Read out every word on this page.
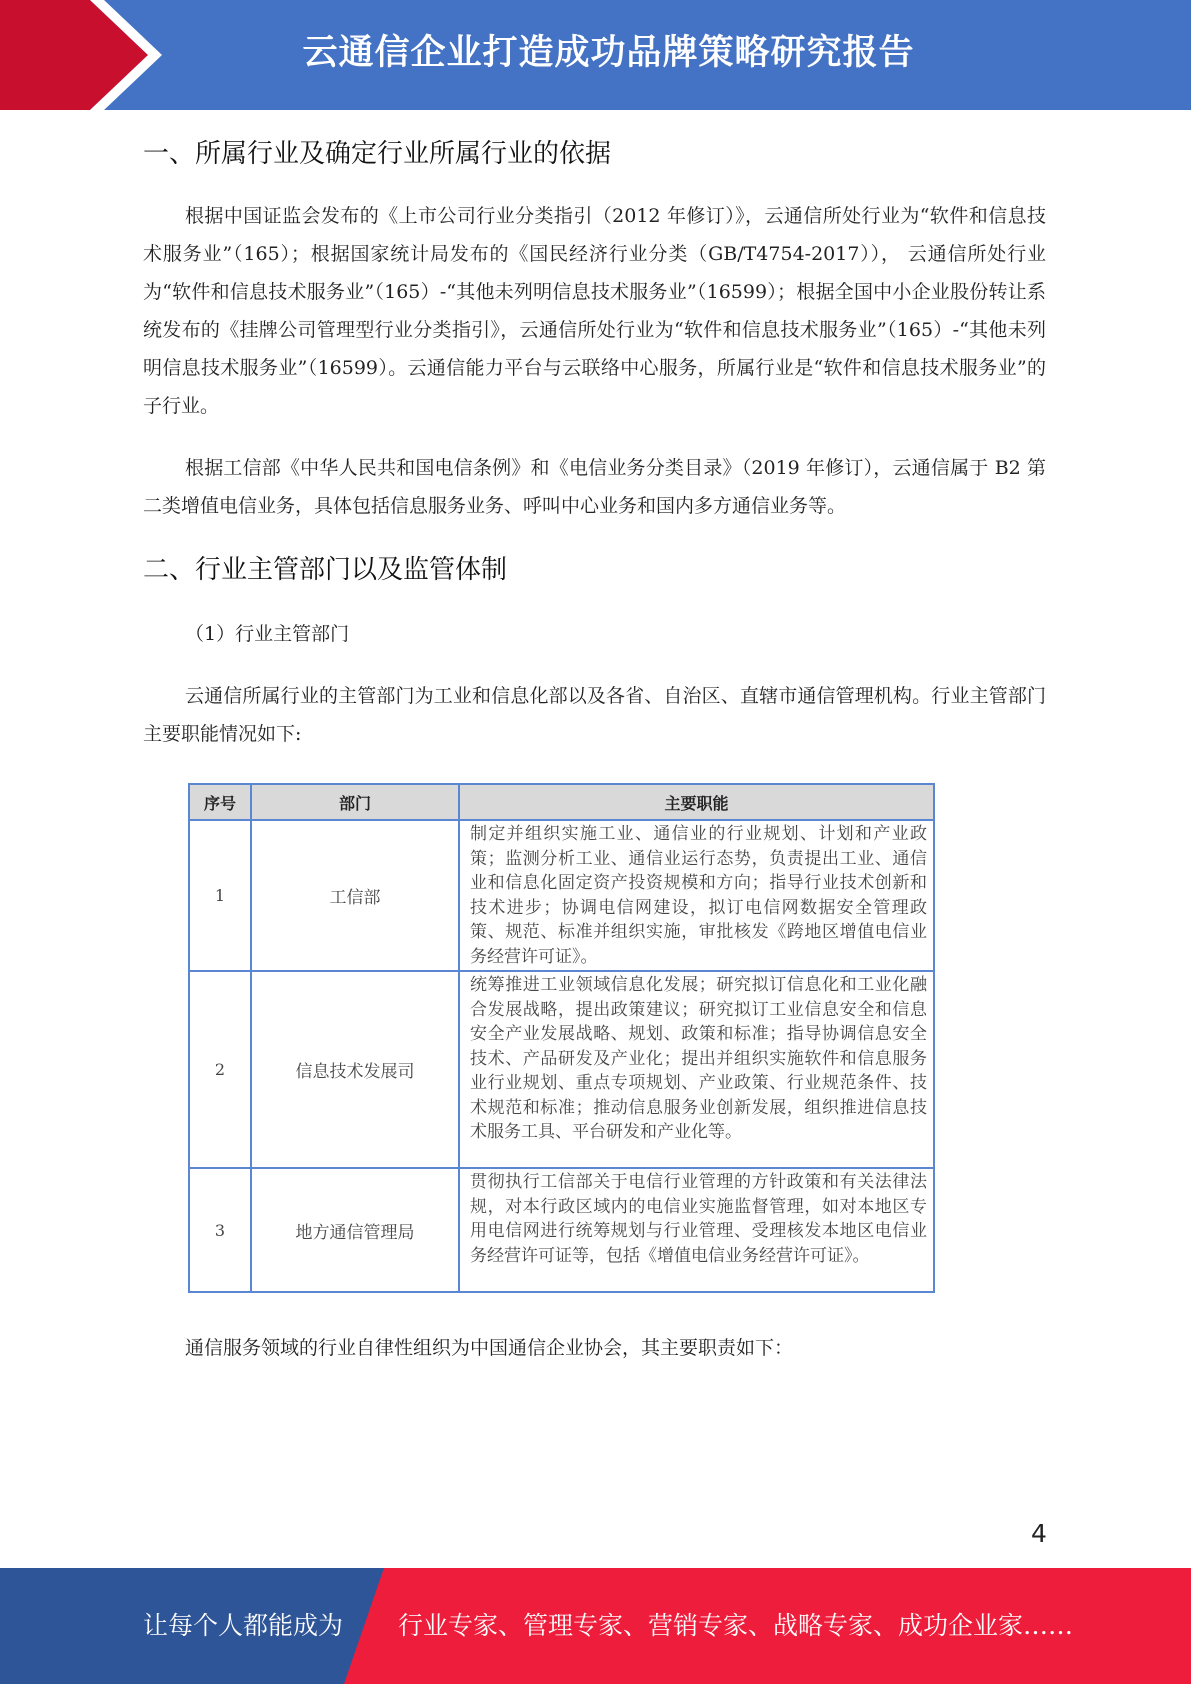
云通信企业打造成功品牌策略研究报告
一、所属行业及确定行业所属行业的依据
根据中国证监会发布的《上市公司行业分类指引（2012 年修订）》，云通信所处行业为“软件和信息技术服务业”（165）；根据国家统计局发布的《国民经济行业分类（GB/T4754-2017））， 云通信所处行业为“软件和信息技术服务业”（165）-“其他未列明信息技术服务业”（16599）；根据全国中小企业股份转让系统发布的《挂牌公司管理型行业分类指引》，云通信所处行业为“软件和信息技术服务业”（165）-“其他未列明信息技术服务业”（16599）。云通信能力平台与云联络中心服务，所属行业是“软件和信息技术服务业”的子行业。
根据工信部《中华人民共和国电信条例》和《电信业务分类目录》（2019 年修订），云通信属于 B2 第二类增值电信业务，具体包括信息服务业务、呼叫中心业务和国内多方通信业务等。
二、行业主管部门以及监管体制
（1）行业主管部门
云通信所属行业的主管部门为工业和信息化部以及各省、自治区、直辖市通信管理机构。行业主管部门主要职能情况如下:
序号	部门	主要职能
1	工信部	制定并组织实施工业、通信业的行业规划、计划和产业政策；监测分析工业、通信业运行态势，负责提出工业、通信业和信息化固定资产投资规模和方向；指导行业技术创新和技术进步；协调电信网建设，拟订电信网数据安全管理政策、规范、标准并组织实施，审批核发《跨地区增值电信业务经营许可证》。
2	信息技术发展司	统筹推进工业领域信息化发展；研究拟订信息化和工业化融合发展战略，提出政策建议；研究拟订工业信息安全和信息安全产业发展战略、规划、政策和标准；指导协调信息安全技术、产品研发及产业化；提出并组织实施软件和信息服务业行业规划、重点专项规划、产业政策、行业规范条件、技术规范和标准；推动信息服务业创新发展，组织推进信息技术服务工具、平台研发和产业化等。
3	地方通信管理局	贯彻执行工信部关于电信行业管理的方针政策和有关法律法规，对本行政区域内的电信业实施监督管理，如对本地区专用电信网进行统筹规划与行业管理、受理核发本地区电信业务经营许可证等，包括《增值电信业务经营许可证》。
通信服务领域的行业自律性组织为中国通信企业协会，其主要职责如下：
4
让每个人都能成为 行业专家、管理专家、营销专家、战略专家、成功企业家……
